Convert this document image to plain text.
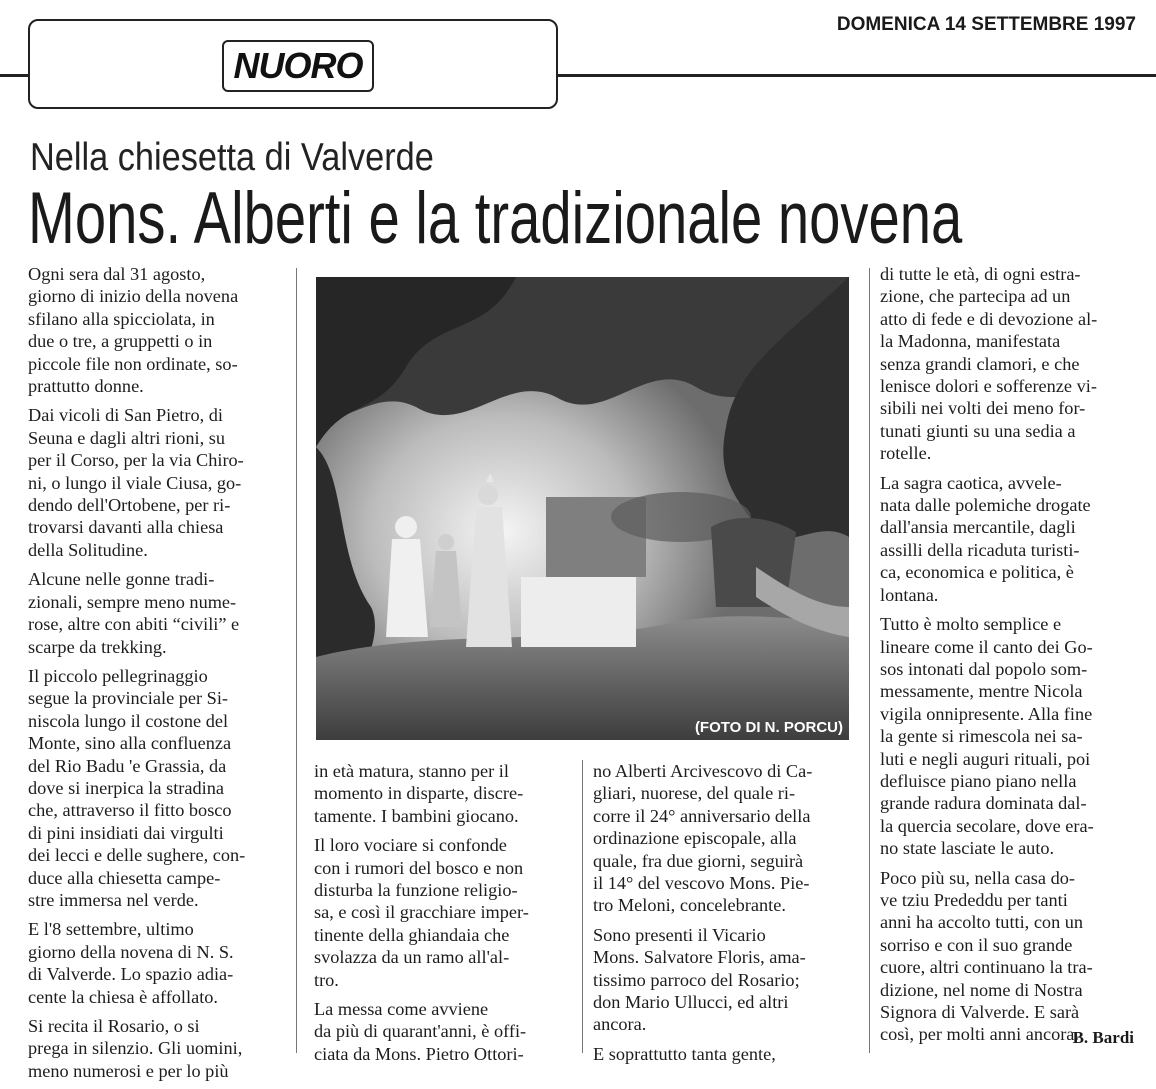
NUORO
DOMENICA 14 SETTEMBRE 1997
Nella chiesetta di Valverde
Mons. Alberti e la tradizionale novena

Ogni sera dal 31 agosto,
giorno di inizio della novena
sfilano alla spicciolata, in
due o tre, a gruppetti o in
piccole file non ordinate, so-
prattutto donne.

Dai vicoli di San Pietro, di
Seuna e dagli altri rioni, su
per il Corso, per la via Chiro-
ni, o lungo il viale Ciusa, go-
dendo dell'Ortobene, per ri-
trovarsi davanti alla chiesa
della Solitudine.

Alcune nelle gonne tradi-
zionali, sempre meno nume-
rose, altre con abiti “civili” e
scarpe da trekking.

Il piccolo pellegrinaggio
segue la provinciale per Si-
niscola lungo il costone del
Monte, sino alla confluenza
del Rio Badu 'e Grassia, da
dove si inerpica la stradina
che, attraverso il fitto bosco
di pini insidiati dai virgulti
dei lecci e delle sughere, con-
duce alla chiesetta campe-
stre immersa nel verde.

E l'8 settembre, ultimo
giorno della novena di N. S.
di Valverde. Lo spazio adia-
cente la chiesa è affollato.

Si recita il Rosario, o si
prega in silenzio. Gli uomini,
meno numerosi e per lo più

(FOTO DI N. PORCU)

in età matura, stanno per il
momento in disparte, discre-
tamente. I bambini giocano.

Il loro vociare si confonde
con i rumori del bosco e non
disturba la funzione religio-
sa, e così il gracchiare imper-
tinente della ghiandaia che
svolazza da un ramo all'al-
tro.

La messa come avviene
da più di quarant'anni, è offi-
ciata da Mons. Pietro Ottori-

no Alberti Arcivescovo di Ca-
gliari, nuorese, del quale ri-
corre il 24° anniversario della
ordinazione episcopale, alla
quale, fra due giorni, seguirà
il 14° del vescovo Mons. Pie-
tro Meloni, concelebrante.

Sono presenti il Vicario
Mons. Salvatore Floris, ama-
tissimo parroco del Rosario;
don Mario Ullucci, ed altri
ancora.

E soprattutto tanta gente,

di tutte le età, di ogni estra-
zione, che partecipa ad un
atto di fede e di devozione al-
la Madonna, manifestata
senza grandi clamori, e che
lenisce dolori e sofferenze vi-
sibili nei volti dei meno for-
tunati giunti su una sedia a
rotelle.

La sagra caotica, avvele-
nata dalle polemiche drogate
dall'ansia mercantile, dagli
assilli della ricaduta turisti-
ca, economica e politica, è
lontana.

Tutto è molto semplice e
lineare come il canto dei Go-
sos intonati dal popolo som-
messamente, mentre Nicola
vigila onnipresente. Alla fine
la gente si rimescola nei sa-
luti e negli auguri rituali, poi
defluisce piano piano nella
grande radura dominata dal-
la quercia secolare, dove era-
no state lasciate le auto.

Poco più su, nella casa do-
ve tziu Prededdu per tanti
anni ha accolto tutti, con un
sorriso e con il suo grande
cuore, altri continuano la tra-
dizione, nel nome di Nostra
Signora di Valverde. E sarà
così, per molti anni ancora.

B. Bardi
